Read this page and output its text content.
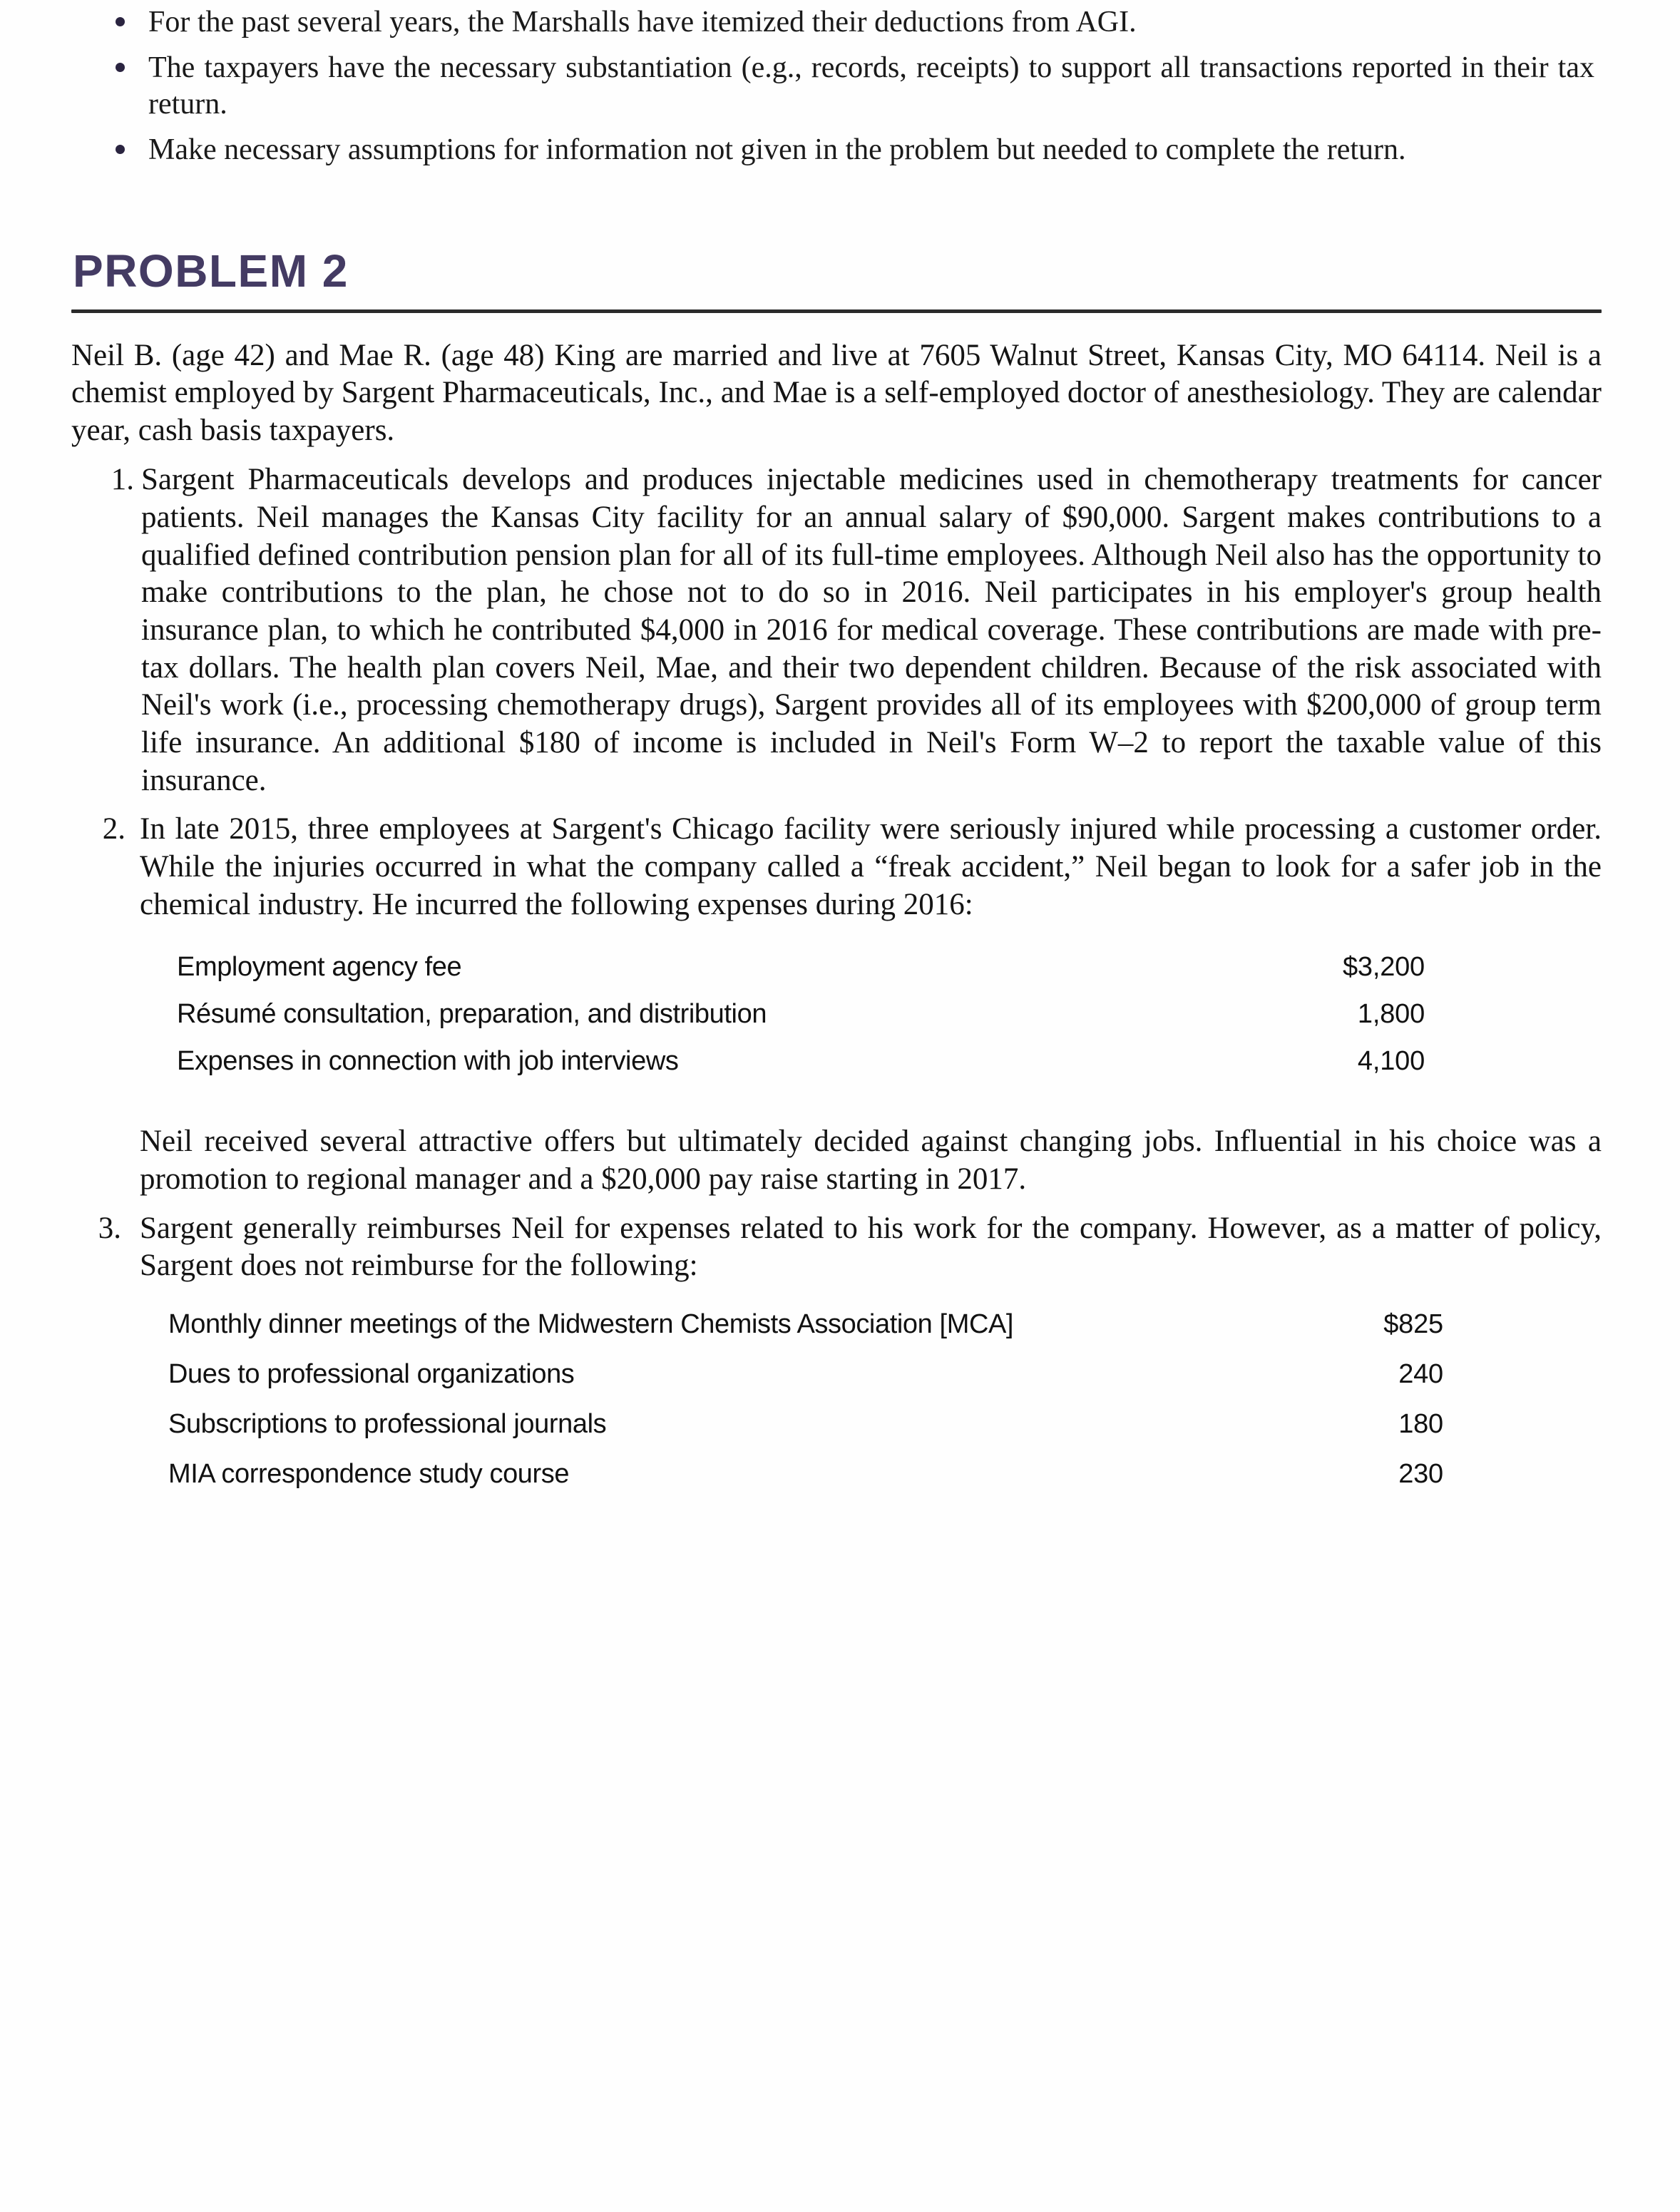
For the past several years, the Marshalls have itemized their deductions from AGI.
The taxpayers have the necessary substantiation (e.g., records, receipts) to support all transactions reported in their tax return.
Make necessary assumptions for information not given in the problem but needed to complete the return.
PROBLEM 2

Neil B. (age 42) and Mae R. (age 48) King are married and live at 7605 Walnut Street, Kansas City, MO 64114. Neil is a chemist employed by Sargent Pharmaceuticals, Inc., and Mae is a self-employed doctor of anesthesiology. They are calendar year, cash basis taxpayers.

1. Sargent Pharmaceuticals develops and produces injectable medicines used in chemotherapy treatments for cancer patients. Neil manages the Kansas City facility for an annual salary of $90,000. Sargent makes contributions to a qualified defined contribution pension plan for all of its full-time employees. Although Neil also has the opportunity to make contributions to the plan, he chose not to do so in 2016. Neil participates in his employer's group health insurance plan, to which he contributed $4,000 in 2016 for medical coverage. These contributions are made with pre-tax dollars. The health plan covers Neil, Mae, and their two dependent children. Because of the risk associated with Neil's work (i.e., processing chemotherapy drugs), Sargent provides all of its employees with $200,000 of group term life insurance. An additional $180 of income is included in Neil's Form W–2 to report the taxable value of this insurance.
2. In late 2015, three employees at Sargent's Chicago facility were seriously injured while processing a customer order. While the injuries occurred in what the company called a “freak accident,” Neil began to look for a safer job in the chemical industry. He incurred the following expenses during 2016:
Employment agency fee	$3,200
Résumé consultation, preparation, and distribution	1,800
Expenses in connection with job interviews	4,100

Neil received several attractive offers but ultimately decided against changing jobs. Influential in his choice was a promotion to regional manager and a $20,000 pay raise starting in 2017.

3. Sargent generally reimburses Neil for expenses related to his work for the company. However, as a matter of policy, Sargent does not reimburse for the following:
Monthly dinner meetings of the Midwestern Chemists Association [MCA]	$825
Dues to professional organizations	240
Subscriptions to professional journals	180
MIA correspondence study course	230
